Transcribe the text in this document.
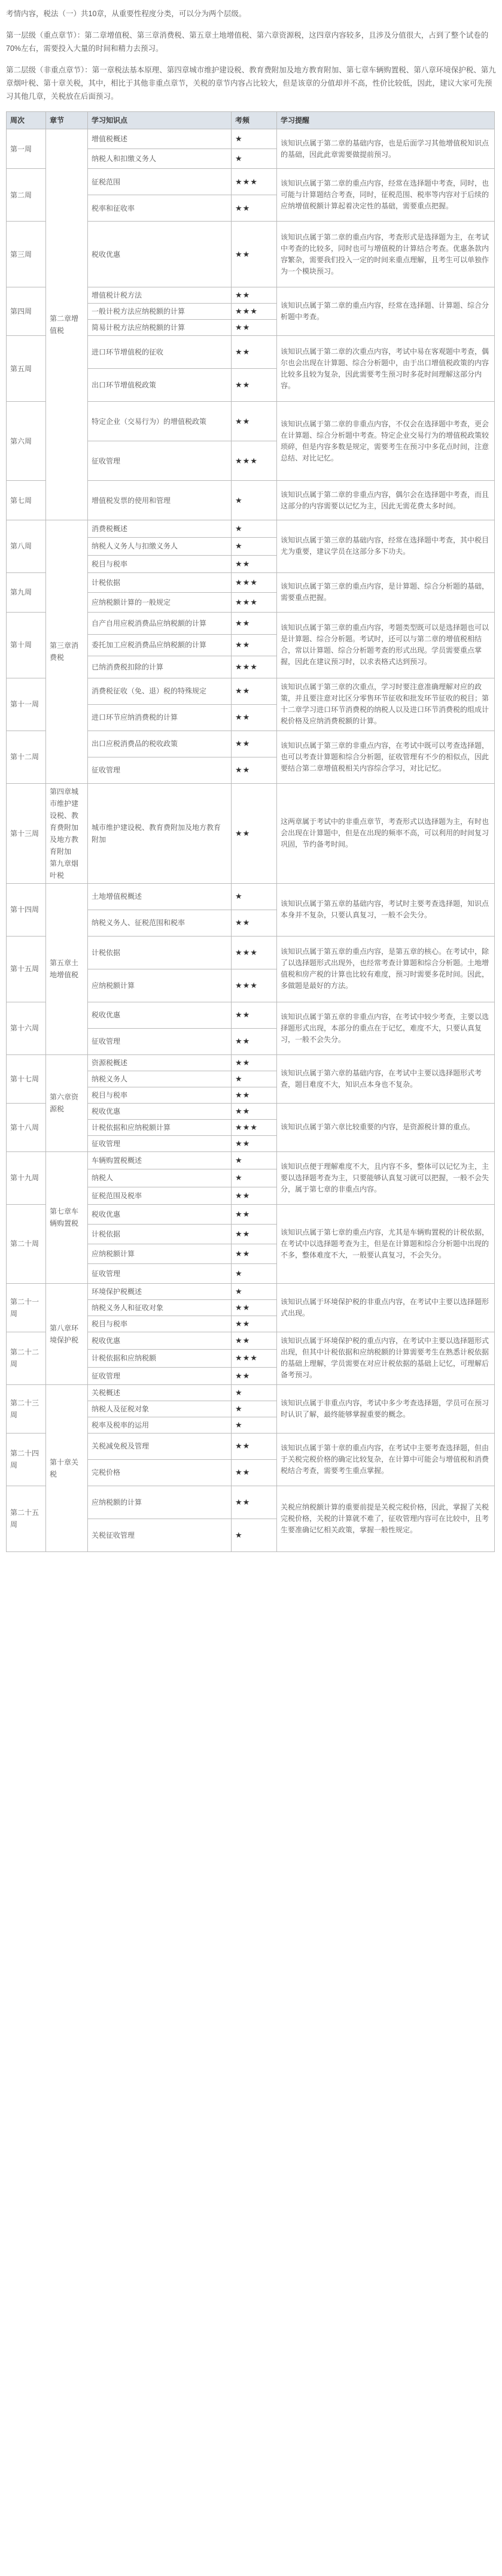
考情内容，税法（一）共10章，从重要性程度分类，可以分为两个层级。

第一层级（重点章节）：第二章增值税、第三章消费税、第五章土地增值税、第六章资源税，这四章内容较多，且涉及分值很大，占到了整个试卷的70%左右，需要投入大量的时间和精力去预习。

第二层级（非重点章节）：第一章税法基本原理、第四章城市维护建设税、教育费附加及地方教育附加、第七章车辆购置税、第八章环境保护税、第九章烟叶税、第十章关税，其中，相比于其他非重点章节，关税的章节内容占比较大，但是该章的分值却并不高，性价比较低，因此，建议大家可先预习其他几章，关税放在后面预习。

周次	章节	学习知识点	考频	学习提醒
第一周	第二章增值税	增值税概述	★	该知识点属于第二章的基础内容，也是后面学习其他增值税知识点的基础，因此此章需要做提前预习。
		纳税人和扣缴义务人	★	
第二周		征税范围	★★★	该知识点属于第二章的重点内容，经常在选择题中考查，同时，也可能与计算题结合考查，同时，征税范围、税率等内容对于后续的应纳增值税额计算起着决定性的基础，需要重点把握。
		税率和征收率	★★	
第三周		税收优惠	★★	该知识点属于第二章的重点内容，考查形式是选择题为主，在考试中考查的比较多，同时也可与增值税的计算结合考查。优惠条款内容繁杂，需要我们投入一定的时间来重点理解，且考生可以单独作为一个模块预习。
第四周		增值税计税方法	★★	该知识点属于第二章的重点内容，经常在选择题、计算题、综合分析题中考查。
		一般计税方法应纳税额的计算	★★★	
		简易计税方法应纳税额的计算	★★	
第五周		进口环节增值税的征收	★★	该知识点属于第二章的次重点内容，考试中易在客观题中考查，偶尔也会出现在计算题、综合分析题中，由于出口增值税政策的内容比较多且较为复杂，因此需要考生预习时多花时间理解这部分内容。
		出口环节增值税政策	★★	
第六周		特定企业（交易行为）的增值税政策	★★	该知识点属于第二章的非重点内容，不仅会在选择题中考查，更会在计算题、综合分析题中考查。特定企业交易行为的增值税政策较琐碎，但是内容多数是规定，需要考生在预习中多花点时间，注意总结、对比记忆。
		征收管理	★★★	
第七周		增值税发票的使用和管理	★	该知识点属于第二章的非重点内容，偶尔会在选择题中考查，而且这部分的内容需要以记忆为主，因此无需花费太多时间。
第八周	第三章消费税	消费税概述	★	该知识点属于第三章的基础内容，经常在选择题中考查，其中税目尤为重要，建议学员在这部分多下功夫。
		纳税人义务人与扣缴义务人	★	
		税目与税率	★★	
第九周		计税依据	★★★	该知识点属于第三章的重点内容，是计算题、综合分析题的基础，需要重点把握。
		应纳税额计算的一般规定	★★★	
第十周		自产自用应税消费品应纳税额的计算	★★	该知识点属于第三章的重点内容，考题类型既可以是选择题也可以是计算题、综合分析题。考试时，还可以与第二章的增值税相结合，常以计算题、综合分析题考查的形式出现。学员需要重点掌握，因此在建议预习时，以求表格式达到预习。
		委托加工应税消费品应纳税额的计算	★★	
		已纳消费税扣除的计算	★★★	
第十一周		消费税征收（免、退）税的特殊规定	★★	该知识点属于第三章的次重点，学习时要注意准确理解对应的政策，并且要注意对比区分零售环节征收和批发环节征收的税目；第十二章学习进口环节消费税的纳税人以及进口环节消费税的组成计税价格及应纳消费税额的计算。
		进口环节应纳消费税的计算	★★	
第十二周		出口应税消费品的税收政策	★★	该知识点属于第三章的非重点内容，在考试中既可以考查选择题，也可以考查计算题和综合分析题，征收管理有不少的相似点，因此要结合第二章增值税相关内容综合学习，对比记忆。
		征收管理	★★	
第十三周	第四章城市维护建设税、教育费附加及地方教育附加　第九章烟叶税	城市维护建设税、教育费附加及地方教育附加	★★	这两章属于考试中的非重点章节，考查形式以选择题为主，有时也会出现在计算题中，但是在出现的频率不高，可以利用的时间复习巩固，节约备考时间。
第十四周	第五章土地增值税	土地增值税概述	★	该知识点属于第五章的基础内容，考试时主要考查选择题，知识点本身并不复杂，只要认真复习，一般不会失分。
		纳税义务人、征税范围和税率	★★	
第十五周		计税依据	★★★	该知识点属于第五章的重点内容，是第五章的核心。在考试中，除了以选择题形式出现外，也经常考查计算题和综合分析题。土地增值税和房产税的计算也比较有难度，预习时需要多花时间。因此，多做题是最好的方法。
		应纳税额计算	★★★	
第十六周		税收优惠	★★	该知识点属于第五章的非重点内容，在考试中较少考查，主要以选择题形式出现，本部分的重点在于记忆，难度不大，只要认真复习，一般不会失分。
		征收管理	★★	
第十七周	第六章资源税	资源税概述	★★	该知识点属于第六章的基础内容，在考试中主要以选择题形式考查，题目难度不大，知识点本身也不复杂。
		纳税义务人	★	
		税目与税率	★★	
第十八周		税收优惠	★★	该知识点属于第六章比较重要的内容，是资源税计算的重点。
		计税依据和应纳税额计算	★★★	
		征收管理	★★	
第十九周	第七章车辆购置税	车辆购置税概述	★	该知识点便于理解难度不大，且内容不多，整体可以记忆为主，主要以选择题考查为主，只要能够认真复习就可以把握，一般不会失分，属于第七章的非重点内容。
		纳税人	★	
		征税范围及税率	★★	
第二十周		税收优惠	★★	该知识点属于第七章的重点内容，尤其是车辆购置税的计税依据，在考试中以选择题考查为主，但是在计算题和综合分析题中出现的不多，整体难度不大，一般要认真复习，不会失分。
		计税依据	★★	
		应纳税额计算	★★	
		征收管理	★	
第二十一周	第八章环境保护税	环境保护税概述	★	该知识点属于环境保护税的非重点内容，在考试中主要以选择题形式出现。
		纳税义务人和征收对象	★★	
		税目与税率	★★	
第二十二周		税收优惠	★★	该知识点属于环境保护税的重点内容，在考试中主要以选择题形式出现，但其中计税依据和应纳税额的计算需要考生在熟悉计税依据的基础上理解，学员需要在对应计税依据的基础上记忆，可理解后备考预习。
		计税依据和应纳税额	★★★	
		征收管理	★★	
第二十三周	第十章关税	关税概述	★	该知识点属于非重点内容，考试中多少考查选择题，学员可在预习时认识了解，最终能够掌握重要的概念。
		纳税人及征税对象	★	
		税率及税率的运用	★	
第二十四周		关税减免税及管理	★★	该知识点属于第十章的重点内容，在考试中主要考查选择题，但由于关税完税价格的确定比较复杂，在计算中可能会与增值税和消费税结合考查，需要考生重点掌握。
		完税价格	★★	
第二十五周		应纳税额的计算	★★	关税应纳税额计算的重要前提是关税完税价格，因此，掌握了关税完税价格，关税的计算就不难了，征收管理内容可在比较中，且考生要准确记忆相关政策，掌握一般性规定。
		关税征收管理	★	
